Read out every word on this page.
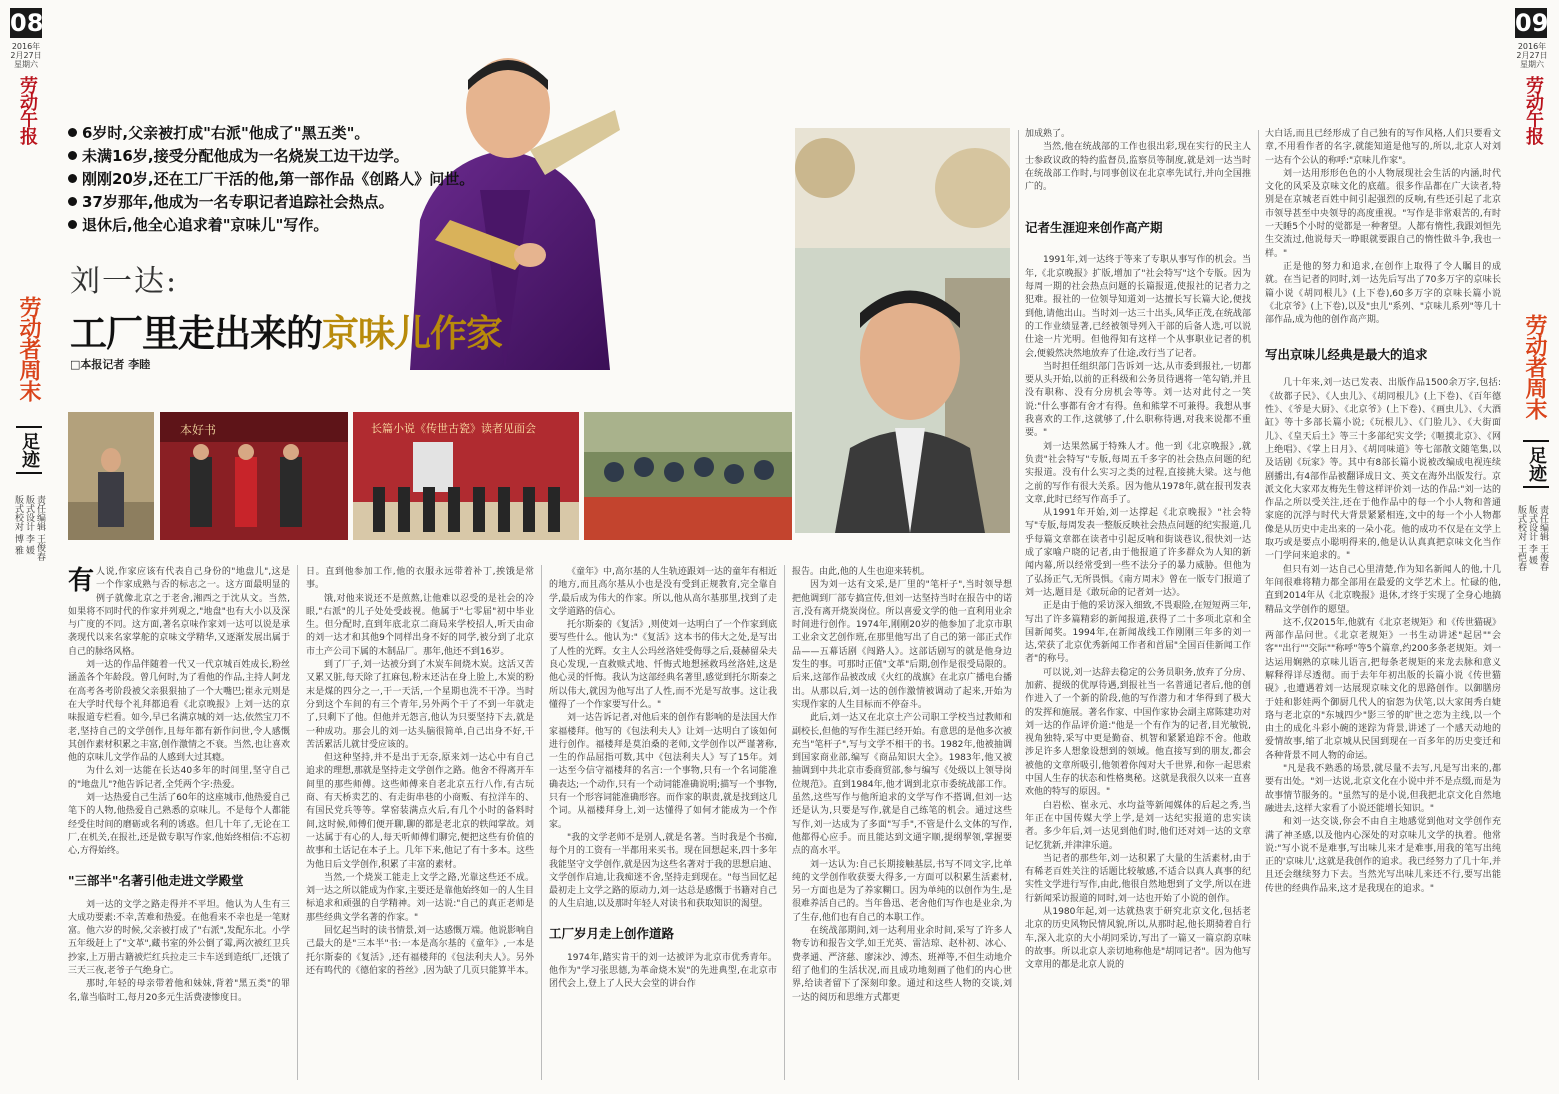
08
2016年
2月27日
星期六
劳动午报
劳动者周末
足迹
责任编辑 王俊春
版式设计 李 媛
版式校对 博 雅
09
2016年
2月27日
星期六
劳动午报
劳动者周末
足迹
责任编辑 王俊春
版式设计 李 媛
版式校对 王恺春
6岁时,父亲被打成"右派"他成了"黑五类"。
未满16岁,接受分配他成为一名烧炭工边干边学。
刚刚20岁,还在工厂干活的他,第一部作品《创路人》问世。
37岁那年,他成为一名专职记者追踪社会热点。
退休后,他全心追求着"京味儿"写作。
刘一达:
工厂里走出来的京味儿作家
□本报记者 李睦
本好书	长篇小说《传世古瓷》读者见面会

有人说,作家应该有代表自己身份的"地盘儿",这是一个作家成熟与否的标志之一。这方面最明显的例子就像北京之于老舍,湘西之于沈从文。当然,如果将不同时代的作家并列观之,"地盘"也有大小以及深与广度的不同。这方面,著名京味作家刘一达可以说是承袭现代以来名家掌舵的京味文学精华,又逐渐发展出属于自己的脉络风格。

刘一达的作品伴随着一代又一代京城百姓成长,粉丝涵盖各个年龄段。曾几何时,为了看他的作品,主持人阿龙在高考各考阶段被父亲狠狠抽了一个大嘴巴;崔永元则是在大学时代每个礼拜都追看《北京晚报》上刘一达的京味报道专栏看。如今,早已名满京城的刘一达,依然宝刀不老,坚持自己的文学创作,且每年都有新作问世,令人感慨其创作素材积累之丰富,创作激情之不衰。当然,也让喜欢他的京味儿文学作品的人感到大过其瘾。

为什么刘一达能在长达40多年的时间里,坚守自己的"地盘儿"?他告诉记者,全凭两个字:热爱。

刘一达热爱自己生活了60年的这座城市,他热爱自己笔下的人物,他热爱自己熟悉的京味儿。不是每个人都能经受住时间的磨砺或名利的诱惑。但几十年了,无论在工厂,在机关,在报社,还是做专职写作家,他始终相信:不忘初心,方得始终。

"三部半"名著引他走进文学殿堂

刘一达的文学之路走得并不平坦。他认为人生有三大成功要素:不幸,苦难和热爱。在他看来不幸也是一笔财富。他六岁的时候,父亲被打成了"右派",发配东北。小学五年级赶上了"文革",藏书室的外公倒了霉,两次被红卫兵抄家,上万册古籍被烂红兵拉走三卡车送到造纸厂,还饿了三天三夜,老爷子气绝身亡。

那时,年轻的母亲带着他和妹妹,背着"黑五类"的罪名,靠当临时工,每月20多元生活费凄惨度日。

日。直到他参加工作,他的衣服永远带着补丁,挨饿是常事。

饿,对他来说还不是煎熬,让他难以忍受的是社会的冷眼,"右派"的儿子处处受歧视。他属于"七零届"初中毕业生。但分配时,直到年底北京二商局来学校招人,听天由命的刘一达才和其他9个同样出身不好的同学,被分到了北京市土产公司下属的木制品厂。那年,他还不到16岁。

到了厂子,刘一达被分到了木炭车间烧木炭。这活又苦又累又脏,每天除了扛麻包,粉末还沾在身上脸上,木炭的粉末是煤的四分之一,干一天活,一个星期也洗不干净。当时分到这个车间的有三个青年,另外两个干了不到一年就走了,只剩下了他。但他并无怨言,他认为只要坚持下去,就是一种成功。那会儿的刘一达头脑很简单,自己出身不好,干苦活累活儿就甘受应该的。

但这种坚持,并不是出于无奈,原来刘一达心中有自己追求的理想,那就是坚持走文学创作之路。他舍不得离开车间里的那些师傅。这些师傅来自老北京五行八作,有古玩商、有天桥卖艺的、有走街串巷的小商贩、有拉洋车的、有国民党兵等等。掌窑装满点火后,有几个小时的备料时间,这时候,师傅们便开聊,聊的都是老北京的轶闻掌故。刘一达属于有心的人,每天听师傅们聊完,便把这些有价值的故事和土话记在本子上。几年下来,他记了有十多本。这些为他日后文学创作,积累了丰富的素材。

当然,一个烧炭工能走上文学之路,光靠这些还不成。刘一达之所以能成为作家,主要还是靠他始终如一的人生目标追求和顽强的自学精神。刘一达说:"自己的真正老师是那些经典文学名著的作家。"

回忆起当时的读书情景,刘一达感慨万端。他说影响自己最大的是"三本半"书:一本是高尔基的《童年》,一本是托尔斯泰的《复活》,还有福楼拜的《包法利夫人》。另外还有鸣代的《德伯家的苔丝》,因为缺了几页只能算半本。

《童年》中,高尔基的人生轨迹跟刘一达的童年有相近的地方,而且高尔基从小也是没有受到正规教育,完全靠自学,最后成为伟大的作家。所以,他从高尔基那里,找到了走文学道路的信心。

托尔斯泰的《复活》,则使刘一达明白了一个作家到底要写些什么。他认为:"《复活》这本书的伟大之处,是写出了人性的光辉。女主人公玛丝洛娃受侮辱之后,聂赫留朵夫良心发现,一直救赎式地、忏悔式地想拯救玛丝洛娃,这是他心灵的忏悔。我认为这部经典名著里,感觉到托尔斯泰之所以伟大,就因为他写出了人性,而不光是写故事。这让我懂得了一个作家要写什么。"

刘一达告诉记者,对他后来的创作有影响的是法国大作家福楼拜。他写的《包法利夫人》让刘一达明白了该如何进行创作。福楼拜是莫泊桑的老师,文学创作以严谨著称,一生的作品屈指可数,其中《包法利夫人》写了15年。刘一达至今信守福楼拜的名言:一个事物,只有一个名词能准确表达;一个动作,只有一个动词能准确说明;描写一个事物,只有一个形容词能准确形容。而作家的职责,就是找到这几个词。从福楼拜身上,刘一达懂得了如何才能成为一个作家。

"我的文学老师不是别人,就是名著。当时我是个书痴,每个月的工资有一半都用来买书。现在回想起来,四十多年我能坚守文学创作,就是因为这些名著对于我的思想启迪、文学创作启迪,让我痴迷不舍,坚持走到现在。"每当回忆起最初走上文学之路的原动力,刘一达总是感慨于书籍对自己的人生启迪,以及那时年轻人对读书和获取知识的渴望。

工厂岁月走上创作道路

1974年,踏实肯干的刘一达被评为北京市优秀青年。他作为"学习张思德,为革命烧木炭"的先进典型,在北京市团代会上,登上了人民大会堂的讲台作

报告。由此,他的人生也迎来转机。

因为刘一达有文采,是厂里的"笔杆子",当时领导想把他调到厂部专搞宣传,但刘一达坚持当时在报告中的诺言,没有离开烧炭岗位。所以喜爱文学的他一直利用业余时间进行创作。1974年,刚刚20岁的他参加了北京市职工业余文艺创作班,在那里他写出了自己的第一部正式作品——五幕话剧《闯路人》。这部话剧写的就是他身边发生的事。可那时正值"文革"后期,创作是很受局限的。后来,这部作品被改成《火红的战旗》在北京广播电台播出。从那以后,刘一达的创作激情被调动了起来,开始为实现作家的人生目标而不停奋斗。

此后,刘一达又在北京土产公司职工学校当过教师和副校长,但他的写作生涯已经开始。有意思的是他多次被充当"笔杆子",写与文学不相干的书。1982年,他被抽调到国家商业部,编写《商品知识大全》。1983年,他又被抽调到中共北京市委商贸部,参与编写《处级以上领导岗位规范》。直到1984年,他才调到北京市委统战部工作。虽然,这些写作与他所追求的文学写作不搭调,但刘一达还是认为,只要是写作,就是自己练笔的机会。通过这些写作,刘一达成为了多面"写手",不管是什么文体的写作,他都得心应手。而且能达到文通字顺,提纲挈领,掌握要点的高水平。

刘一达认为:自己长期接触基层,书写不同文字,比单纯的文学创作收获要大得多,一方面可以积累生活素材,另一方面也是为了养家糊口。因为单纯的以创作为生,是很难养活自己的。当年鲁迅、老舍他们写作也是业余,为了生存,他们也有自己的本职工作。

在统战部期间,刘一达利用业余时间,采写了许多人物专访和报告文学,如王光英、雷洁琼、赵朴初、冰心、费孝通、严济慈、廖沫沙、溥杰、班禅等,不但生动地介绍了他们的生活状况,而且成功地刻画了他们的内心世界,给读者留下了深刻印象。通过和这些人物的交谈,刘一达的阅历和思维方式都更

加成熟了。

当然,他在统战部的工作也很出彩,现在实行的民主人士参政议政的特约监督员,监察员等制度,就是刘一达当时在统战部工作时,与同事创议在北京率先试行,并向全国推广的。

记者生涯迎来创作高产期

1991年,刘一达终于等来了专职从事写作的机会。当年,《北京晚报》扩版,增加了"社会特写"这个专版。因为每周一期的社会热点问题的长篇报道,使报社的记者力之犯难。报社的一位领导知道刘一达擅长写长篇大论,便找到他,请他出山。当时刘一达三十出头,风华正茂,在统战部的工作业绩显著,已经被领导列入干部的后备人选,可以说仕途一片光明。但他得知有这样一个从事职业记者的机会,便毅然决然地放弃了仕途,改行当了记者。

当时担任组织部门告诉刘一达,从市委到报社,一切都要从头开始,以前的正科级和公务员待遇将一笔勾销,并且没有职称、没有分房机会等等。刘一达对此付之一笑说:"什么事都有舍才有得。鱼和熊掌不可兼得。我想从事我喜欢的工作,这就够了,什么职称待遇,对我来说都不重要。"

刘一达果然属于特殊人才。他一到《北京晚报》,就负责"社会特写"专版,每周五千多字的社会热点问题的纪实报道。没有什么实习之类的过程,直接挑大梁。这与他之前的写作有很大关系。因为他从1978年,就在报刊发表文章,此时已经写作高手了。

从1991年开始,刘一达撑起《北京晚报》"社会特写"专版,每周发表一整版反映社会热点问题的纪实报道,几乎每篇文章都在读者中引起反响和街谈巷议,很快刘一达成了家喻户晓的记者,由于他报道了许多群众为人知的新闻内幕,所以经常受到一些不法分子的暴力威胁。但他为了弘扬正气,无所畏惧。《南方周末》曾在一版专门报道了刘一达,题目是《敢玩命的记者刘一达》。

正是由于他的采访深入细致,不畏艰险,在短短两三年,写出了许多篇精彩的新闻报道,获得了二十多项北京和全国新闻奖。1994年,在新闻战线工作刚刚三年多的刘一达,荣获了北京优秀新闻工作者和首届"全国百佳新闻工作者"的称号。

可以说,刘一达辞去稳定的公务员职务,放弃了分房、加薪、提级的优厚待遇,到报社当一名普通记者后,他的创作进入了一个新的阶段,他的写作潜力和才华得到了极大的发挥和施展。著名作家、中国作家协会副主席陈建功对刘一达的作品评价道:"他是一个有作为的记者,目光敏锐,视角独特,采写中更是勤奋、机智和紧紧追踪不舍。他敢涉足许多人想象设想到的领域。他直接写到的朋友,都会被他的文章所吸引,他领着你闯对大千世界,和你一起思索中国人生存的状态和性格奥秘。这就是我很久以来一直喜欢他的特写的原因。"

白岩松、崔永元、水均益等新闻媒体的后起之秀,当年正在中国传媒大学上学,是刘一达纪实报道的忠实读者。多少年后,刘一达见到他们时,他们还对刘一达的文章记忆犹新,并津津乐道。

当记者的那些年,刘一达积累了大量的生活素材,由于有稀老百姓关注的话题比较敏感,不适合以真人真事的纪实性文学进行写作,由此,他很自然地想到了文学,所以在进行新闻采访报道的同时,刘一达也开始了小说的创作。

从1980年起,刘一达就热衷于研究北京文化,包括老北京的历史风物民情风貌,所以,从那时起,他长期骑着自行车,深入北京的大小胡同采访,写出了一篇又一篇京韵京味的故事。所以北京人亲切地称他是"胡同记者"。因为他写文章用的都是北京人说的

大白话,而且已经形成了自己独有的写作风格,人们只要看文章,不用看作者的名字,就能知道是他写的,所以,北京人对刘一达有个公认的称呼:"京味儿作家"。

刘一达用形形色色的小人物展现社会生活的内涵,时代文化的风采及京味文化的底蕴。很多作品都在广大读者,特别是在京城老百姓中间引起强烈的反响,有些还引起了北京市领导甚至中央领导的高度重视。"写作是非常艰苦的,有时一天睡5个小时的觉都是一种奢望。人都有惰性,我跟刘恒先生交流过,他说每天一睁眼就要跟自己的惰性做斗争,我也一样。"

正是他的努力和追求,在创作上取得了令人瞩目的成就。在当记者的同时,刘一达先后写出了70多万字的京味长篇小说《胡同根儿》(上下卷),60多万字的京味长篇小说《北京爷》(上下卷),以及"虫儿"系列、"京味儿系列"等几十部作品,成为他的创作高产期。

写出京味儿经典是最大的追求

几十年来,刘一达已发表、出版作品1500余万字,包括:《故都子民》、《人虫儿》、《胡同根儿》(上下卷)、《百年德性》、《爷是大厨》、《北京爷》(上下卷)、《画虫儿》、《大酒缸》等十多部长篇小说;《玩根儿》、《门脸儿》、《大街面儿》、《皇天后土》等三十多部纪实文学;《咂摸北京》、《网上绝唱》、《掌上日月》、《胡同味道》等七部散文随笔集,以及话剧《玩家》等。其中有8部长篇小说被改编成电视连续剧播出,有4部作品被翻译成日文、英文在海外出版发行。京派文化大家邓友梅先生曾这样评价刘一达的作品:"刘一达的作品之所以受关注,还在于他作品中的每一个小人物和普通家庭的沉浮与时代大背景紧紧相连,文中的每一个小人物都像是从历史中走出来的一朵小花。他的成功不仅是在文学上取巧或是要点小聪明得来的,他是认认真真把京味文化当作一门学问来追求的。"

但只有刘一达自己心里清楚,作为知名新闻人的他,十几年间很难将精力都全部用在最爱的文学艺术上。忙碌的他,直到2014年从《北京晚报》退休,才终于实现了全身心地搞精品文学创作的愿望。

这不,仅2015年,他就有《北京老规矩》和《传世猫砚》两部作品问世。《北京老规矩》一书生动讲述"起居""会客""出行""交际""称呼"等5个篇章,约200多条老规矩。刘一达运用娴熟的京味儿语言,把每条老规矩的来龙去脉和意义解释得详尽透彻。而于去年年初出版的长篇小说《传世猫砚》,也遭遇着刘一达展现京味文化的思路创作。以御膳房于娃和影娃两个御厨几代人的宿怨为伏笔,以大家闺秀白婕珞与老北京的"东城四少"影三爷的旷世之恋为主线,以一个由土的成化斗彩小碗的迷踪为背景,讲述了一个感天动地的爱情故事,缩了北京城从民国到现在一百多年的历史变迁和各种背景不同人物的命运。

"凡是我不熟悉的场景,就尽量不去写,凡是写出来的,都要有出处。"刘一达说,北京文化在小说中并不是点缀,而是为故事情节服务的。"虽然写的是小说,但我把北京文化自然地融进去,这样大家看了小说还能增长知识。"

和刘一达交谈,你会不由自主地感觉到他对文学创作充满了神圣感,以及他内心深处的对京味儿文学的执着。他常说:"写小说不是难事,写出味儿来才是难事,用我的笔写出纯正的'京味儿',这就是我创作的追求。我已经努力了几十年,并且还会继续努力下去。当然光写出味儿来还不行,要写出能传世的经典作品来,这才是我现在的追求。"
